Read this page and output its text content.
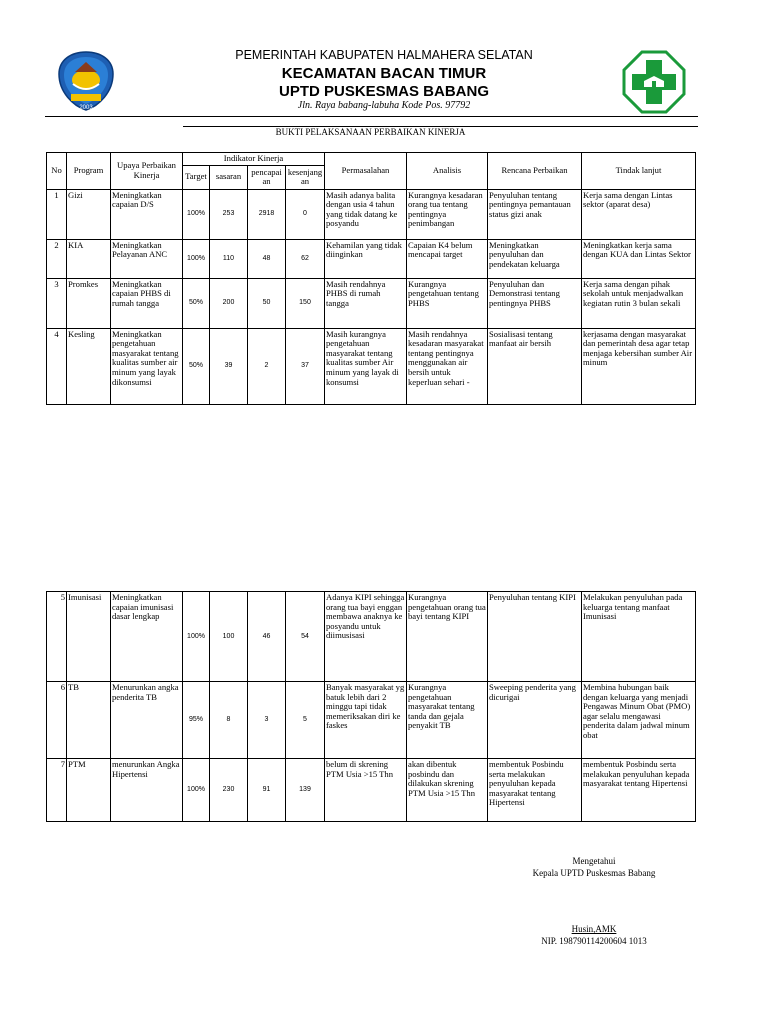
2003
PEMERINTAH KABUPATEN HALMAHERA SELATAN
KECAMATAN BACAN TIMUR
UPTD PUSKESMAS BABANG
Jln. Raya babang-labuha Kode Pos. 97792
BUKTI PELAKSANAAN PERBAIKAN KINERJA
No	Program	Upaya Perbaikan Kinerja	Indikator Kinerja				Permasalahan	Analisis	Rencana Perbaikan	Tindak lanjut
			Target	sasaran	pencapai an	kesenjang an				
1	Gizi	Meningkatkan capaian D/S	100%	253	2918	0	Masih adanya balita dengan usia 4 tahun yang tidak datang ke posyandu	Kurangnya kesadaran orang tua tentang pentingnya penimbangan	Penyuluhan tentang pentingnya pemantauan status gizi anak	Kerja sama dengan Lintas sektor (aparat desa)
2	KIA	Meningkatkan Pelayanan ANC	100%	110	48	62	Kehamilan yang tidak diinginkan	Capaian K4 belum mencapai target	Meningkatkan penyuluhan dan pendekatan keluarga	Meningkatkan kerja sama dengan KUA dan Lintas Sektor
3	Promkes	Meningkatkan capaian PHBS di rumah tangga	50%	200	50	150	Masih rendahnya PHBS di rumah tangga	Kurangnya pengetahuan tentang PHBS	Penyuluhan dan Demonstrasi tentang pentingnya PHBS	Kerja sama dengan pihak sekolah untuk menjadwalkan kegiatan rutin 3 bulan sekali
4	Kesling	Meningkatkan pengetahuan masyarakat tentang kualitas sumber air minum yang layak dikonsumsi	50%	39	2	37	Masih kurangnya pengetahuan masyarakat tentang kualitas sumber Air minum yang layak di konsumsi	Masih rendahnya kesadaran masyarakat tentang pentingnya menggunakan air bersih untuk keperluan sehari -	Sosialisasi tentang manfaat air bersih	kerjasama dengan masyarakat dan pemerintah desa agar tetap menjaga kebersihan sumber Air minum
5	Imunisasi	Meningkatkan capaian imunisasi dasar lengkap	100%	100	46	54	Adanya KIPI sehingga orang tua bayi enggan membawa anaknya ke posyandu untuk diimusisasi	Kurangnya pengetahuan orang tua bayi tentang KIPI	Penyuluhan tentang KIPI	Melakukan penyuluhan pada keluarga tentang manfaat Imunisasi
6	TB	Menurunkan angka penderita TB	95%	8	3	5	Banyak masyarakat yg batuk lebih dari 2 minggu tapi tidak memeriksakan diri ke faskes	Kurangnya pengetahuan masyarakat tentang tanda dan gejala penyakit TB	Sweeping penderita yang dicurigai	Membina hubungan baik dengan keluarga yang menjadi Pengawas Minum Obat (PMO) agar selalu mengawasi penderita dalam jadwal minum obat
7	PTM	menurunkan Angka Hipertensi	100%	230	91	139	belum di skrening PTM Usia >15 Thn	akan dibentuk posbindu dan dilakukan skrening PTM Usia >15 Thn	membentuk Posbindu serta melakukan penyuluhan kepada masyarakat tentang Hipertensi	membentuk Posbindu serta melakukan penyuluhan kepada masyarakat tentang Hipertensi
Mengetahui
Kepala UPTD Puskesmas Babang
Husin,AMK
NIP. 198790114200604 1013
